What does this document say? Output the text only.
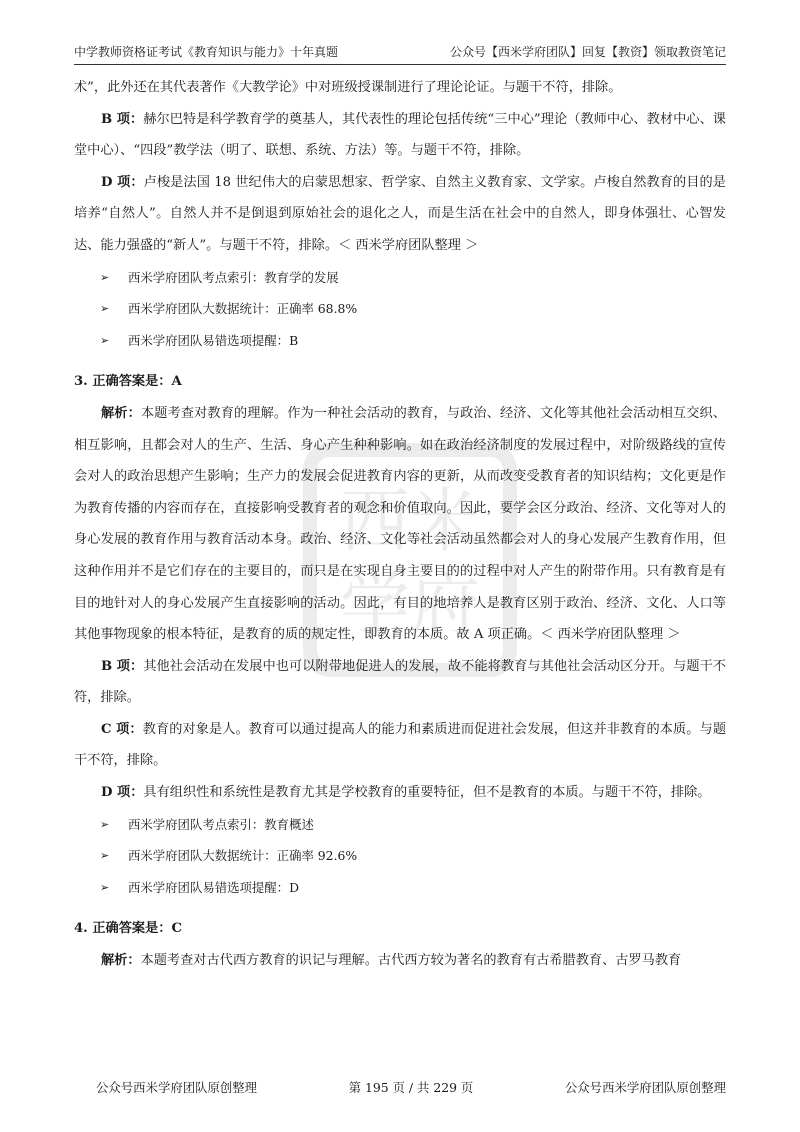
中学教师资格证考试《教育知识与能力》十年真题	公众号【西米学府团队】回复【教资】领取教资笔记
西米
学府

术”，此外还在其代表著作《大教学论》中对班级授课制进行了理论论证。与题干不符，排除。

B 项：赫尔巴特是科学教育学的奠基人，其代表性的理论包括传统“三中心”理论（教师中心、教材中心、课堂中心）、“四段”教学法（明了、联想、系统、方法）等。与题干不符，排除。

D 项：卢梭是法国 18 世纪伟大的启蒙思想家、哲学家、自然主义教育家、文学家。卢梭自然教育的目的是培养“自然人”。自然人并不是倒退到原始社会的退化之人，而是生活在社会中的自然人，即身体强壮、心智发达、能力强盛的“新人”。与题干不符，排除。＜ 西米学府团队整理 ＞

➢	西米学府团队考点索引：教育学的发展
➢	西米学府团队大数据统计：正确率 68.8%
➢	西米学府团队易错选项提醒：B

3. 正确答案是：A

解析：本题考查对教育的理解。作为一种社会活动的教育，与政治、经济、文化等其他社会活动相互交织、相互影响，且都会对人的生产、生活、身心产生种种影响。如在政治经济制度的发展过程中，对阶级路线的宣传会对人的政治思想产生影响；生产力的发展会促进教育内容的更新，从而改变受教育者的知识结构；文化更是作为教育传播的内容而存在，直接影响受教育者的观念和价值取向。因此，要学会区分政治、经济、文化等对人的身心发展的教育作用与教育活动本身。政治、经济、文化等社会活动虽然都会对人的身心发展产生教育作用，但这种作用并不是它们存在的主要目的，而只是在实现自身主要目的的过程中对人产生的附带作用。只有教育是有目的地针对人的身心发展产生直接影响的活动。因此，有目的地培养人是教育区别于政治、经济、文化、人口等其他事物现象的根本特征，是教育的质的规定性，即教育的本质。故 A 项正确。＜ 西米学府团队整理 ＞

B 项：其他社会活动在发展中也可以附带地促进人的发展，故不能将教育与其他社会活动区分开。与题干不符，排除。

C 项：教育的对象是人。教育可以通过提高人的能力和素质进而促进社会发展，但这并非教育的本质。与题干不符，排除。

D 项：具有组织性和系统性是教育尤其是学校教育的重要特征，但不是教育的本质。与题干不符，排除。

➢	西米学府团队考点索引：教育概述
➢	西米学府团队大数据统计：正确率 92.6%
➢	西米学府团队易错选项提醒：D

4. 正确答案是：C

解析：本题考查对古代西方教育的识记与理解。古代西方较为著名的教育有古希腊教育、古罗马教育

公众号西米学府团队原创整理	第 195 页 / 共 229 页	公众号西米学府团队原创整理
